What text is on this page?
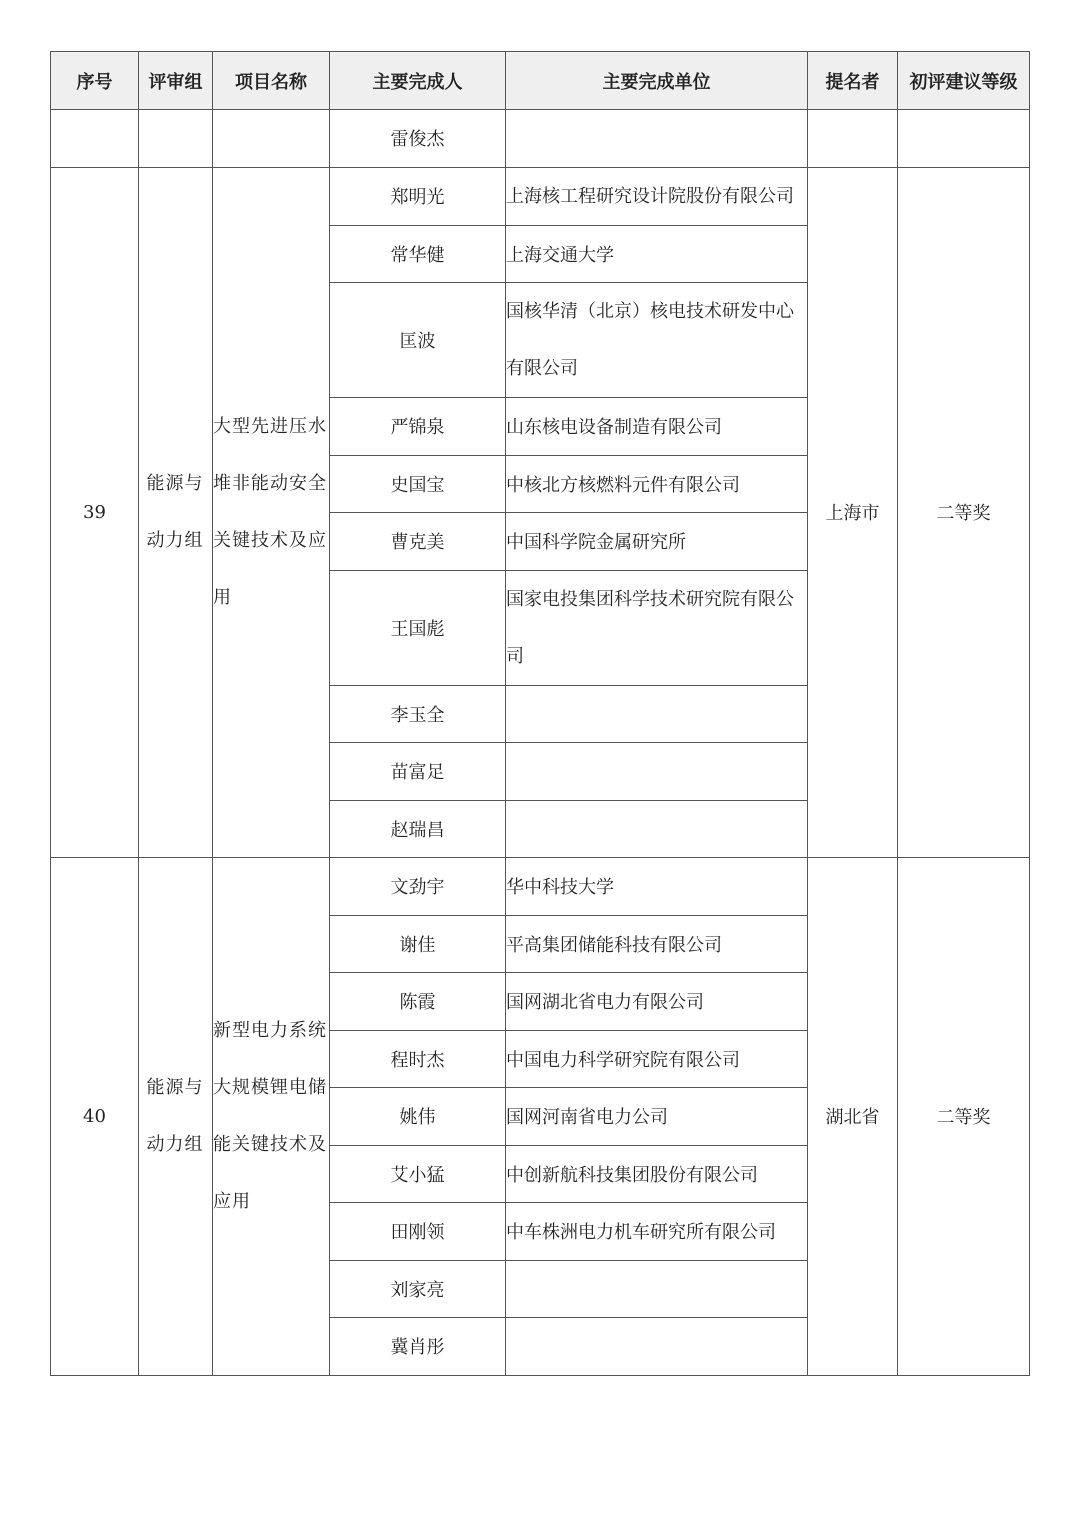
序号	评审组	项目名称	主要完成人	主要完成单位	提名者	初评建议等级
			雷俊杰			
39	能源与动力组	大型先进压水堆非能动安全关键技术及应用	郑明光	上海核工程研究设计院股份有限公司	上海市	二等奖
			常华健	上海交通大学		
			匡波	国核华清（北京）核电技术研发中心有限公司		
			严锦泉	山东核电设备制造有限公司		
			史国宝	中核北方核燃料元件有限公司		
			曹克美	中国科学院金属研究所		
			王国彪	国家电投集团科学技术研究院有限公司		
			李玉全			
			苗富足			
			赵瑞昌			
40	能源与动力组	新型电力系统大规模锂电储能关键技术及应用	文劲宇	华中科技大学	湖北省	二等奖
			谢佳	平高集团储能科技有限公司		
			陈霞	国网湖北省电力有限公司		
			程时杰	中国电力科学研究院有限公司		
			姚伟	国网河南省电力公司		
			艾小猛	中创新航科技集团股份有限公司		
			田刚领	中车株洲电力机车研究所有限公司		
			刘家亮			
			冀肖彤			
